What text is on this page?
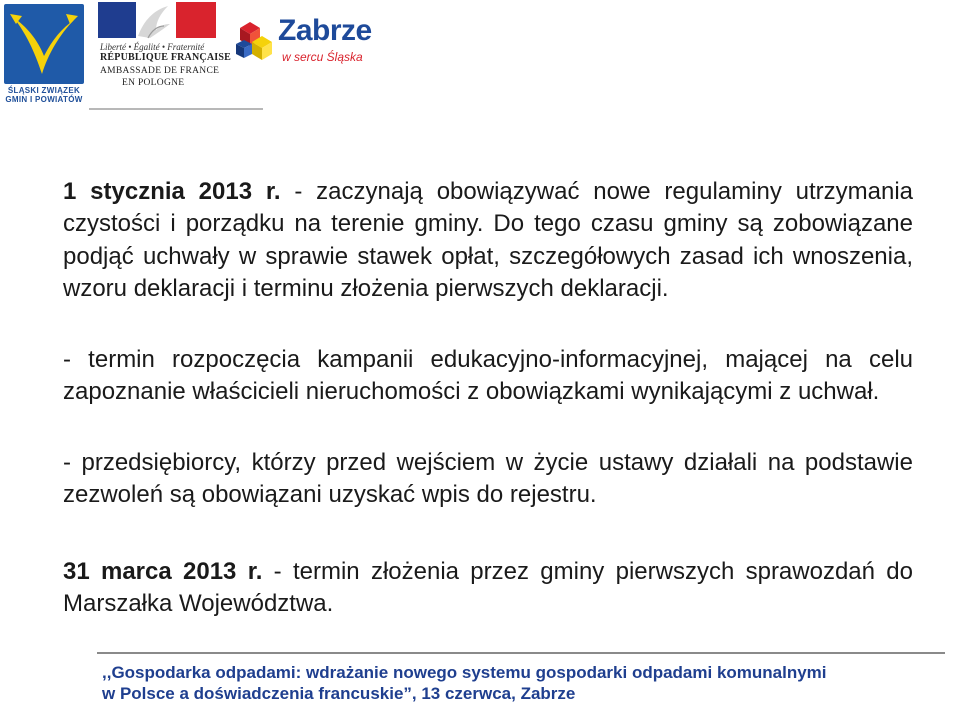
ŚLĄSKI ZWIĄZEK
GMIN I POWIATÓW
Liberté • Égalité • Fraternité
RÉPUBLIQUE FRANÇAISE
AMBASSADE DE FRANCE
EN POLOGNE
Zabrze
w sercu Śląska
1 stycznia 2013 r. - zaczynają obowiązywać nowe regulaminy utrzymania czystości i porządku na terenie gminy. Do tego czasu gminy są zobowiązane podjąć uchwały w sprawie stawek opłat, szczegółowych zasad ich wnoszenia, wzoru deklaracji i terminu złożenia pierwszych deklaracji.
- termin rozpoczęcia kampanii edukacyjno-informacyjnej, mającej na celu zapoznanie właścicieli nieruchomości z obowiązkami wynikającymi z uchwał.
- przedsiębiorcy, którzy przed wejściem w życie ustawy działali na podstawie zezwoleń są obowiązani uzyskać wpis do rejestru.
31 marca 2013 r. - termin złożenia przez gminy pierwszych sprawozdań do Marszałka Województwa.
,,Gospodarka odpadami: wdrażanie nowego systemu gospodarki odpadami komunalnymi
w Polsce a doświadczenia francuskie”, 13 czerwca, Zabrze
